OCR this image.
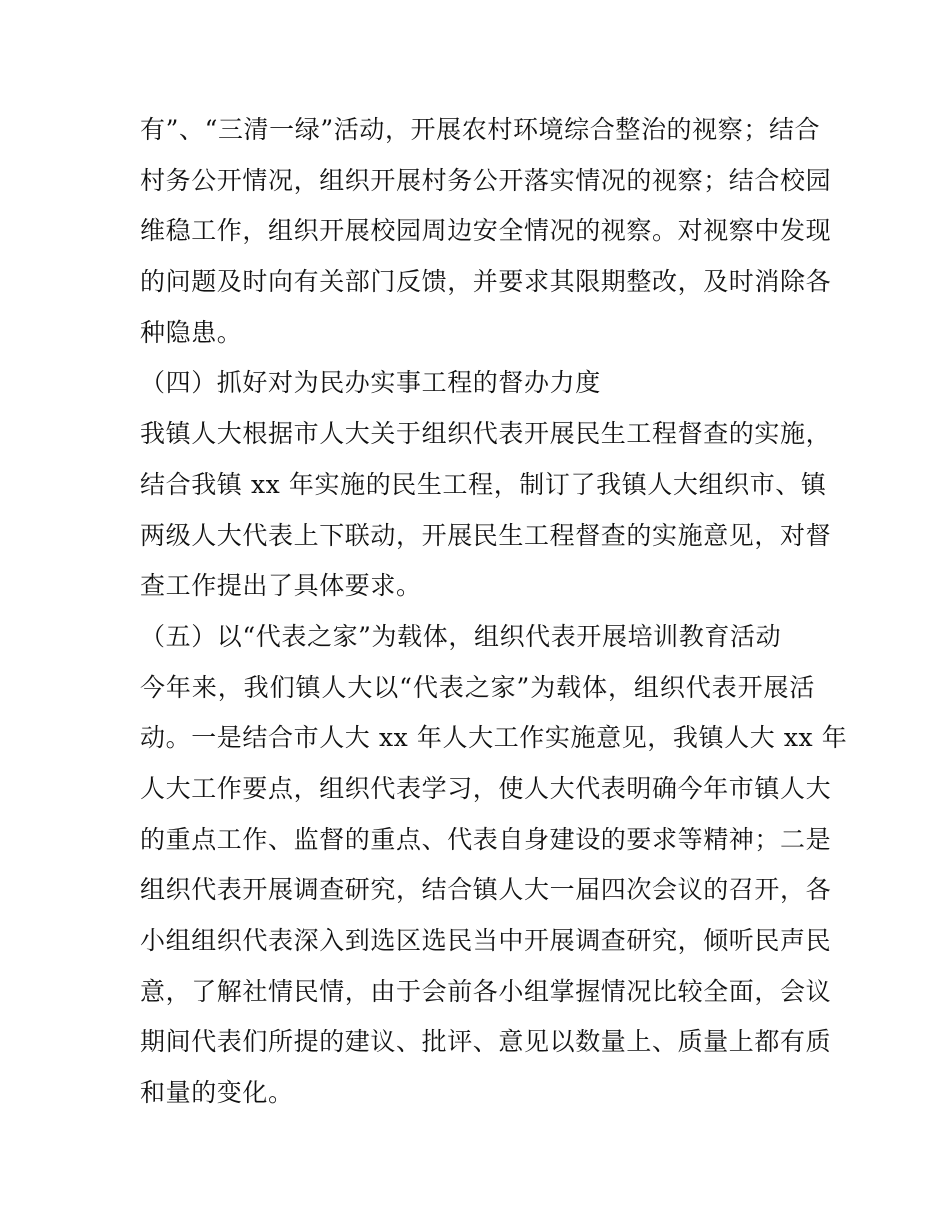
有”、“三清一绿”活动，开展农村环境综合整治的视察；结合
村务公开情况，组织开展村务公开落实情况的视察；结合校园
维稳工作，组织开展校园周边安全情况的视察。对视察中发现
的问题及时向有关部门反馈，并要求其限期整改，及时消除各
种隐患。
（四）抓好对为民办实事工程的督办力度
我镇人大根据市人大关于组织代表开展民生工程督查的实施，
结合我镇 xx 年实施的民生工程，制订了我镇人大组织市、镇
两级人大代表上下联动，开展民生工程督查的实施意见，对督
查工作提出了具体要求。
（五）以“代表之家”为载体，组织代表开展培训教育活动
今年来，我们镇人大以“代表之家”为载体，组织代表开展活
动。一是结合市人大 xx 年人大工作实施意见，我镇人大 xx 年
人大工作要点，组织代表学习，使人大代表明确今年市镇人大
的重点工作、监督的重点、代表自身建设的要求等精神；二是
组织代表开展调查研究，结合镇人大一届四次会议的召开，各
小组组织代表深入到选区选民当中开展调查研究，倾听民声民
意，了解社情民情，由于会前各小组掌握情况比较全面，会议
期间代表们所提的建议、批评、意见以数量上、质量上都有质
和量的变化。
